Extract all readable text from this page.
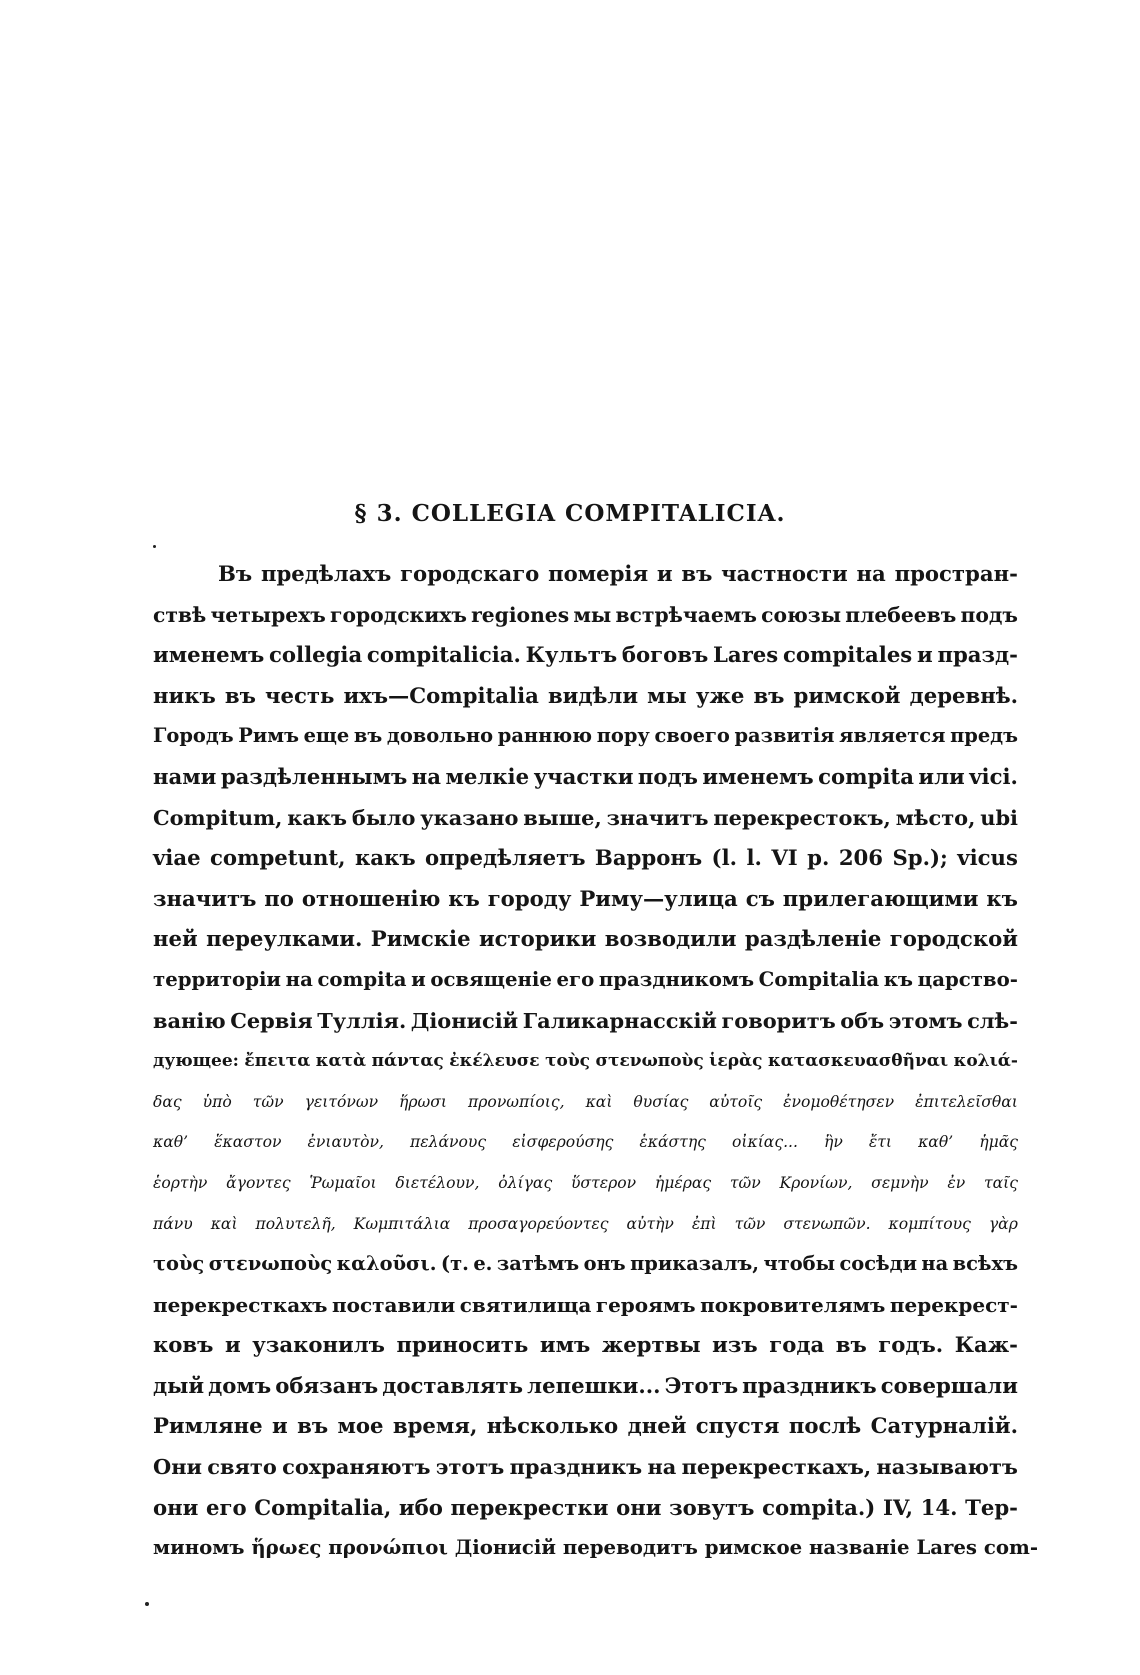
§ 3. COLLEGIA COMPITALICIA.
Въ предѣлахъ городскаго померія и въ частности на простран-
ствѣ четырехъ городскихъ regiones мы встрѣчаемъ союзы плебеевъ подъ
именемъ collegia compitalicia. Культъ боговъ Lares compitales и празд-
никъ въ честь ихъ—Compitalia видѣли мы уже въ римской деревнѣ.
Городъ Римъ еще въ довольно раннюю пору своего развитія является предъ
нами раздѣленнымъ на мелкіе участки подъ именемъ compita или vici.
Compitum, какъ было указано выше, значитъ перекрестокъ, мѣсто, ubi
viae competunt, какъ опредѣляетъ Варронъ (l. l. VI p. 206 Sp.); vicus
значитъ по отношенію къ городу Риму—улица съ прилегающими къ
ней переулками. Римскіе историки возводили раздѣленіе городской
территоріи на compita и освященіе его праздникомъ Compitalia къ царство-
ванію Сервія Туллія. Діонисій Галикарнасскій говоритъ объ этомъ слѣ-
дующее: ἔπειτα κατὰ πάντας ἐκέλευσε τοὺς στενωποὺς ἱερὰς κατασκευασθῆναι κολιά-
δας ὑπὸ τῶν γειτόνων ἥρωσι προνωπίοις, καὶ θυσίας αὐτοῖς ἐνομοθέτησεν ἐπιτελεῖσθαι
καθ’ ἕκαστον ἐνιαυτὸν, πελάνους εἰσφερούσης ἑκάστης οἰκίας... ἣν ἔτι καθ’ ἡμᾶς
ἑορτὴν ἄγοντες Ῥωμαῖοι διετέλουν, ὀλίγας ὕστερον ἡμέρας τῶν Κρονίων, σεμνὴν ἐν ταῖς
πάνυ καὶ πολυτελῆ, Κωμπιτάλια προσαγορεύοντες αὐτὴν ἐπὶ τῶν στενωπῶν. κομπίτους γὰρ
τοὺς στενωποὺς καλοῦσι. (т. е. затѣмъ онъ приказалъ, чтобы сосѣди на всѣхъ
перекресткахъ поставили святилища героямъ покровителямъ перекрест-
ковъ и узаконилъ приносить имъ жертвы изъ года въ годъ. Каж-
дый домъ обязанъ доставлять лепешки... Этотъ праздникъ совершали
Римляне и въ мое время, нѣсколько дней спустя послѣ Сатурналій.
Они свято сохраняютъ этотъ праздникъ на перекресткахъ, называютъ
они его Compitalia, ибо перекрестки они зовутъ compita.) IV, 14. Тер-
миномъ
ἥρωες
προνώπιοι
Діонисій
переводитъ
римское
названіе
Lares
com-
